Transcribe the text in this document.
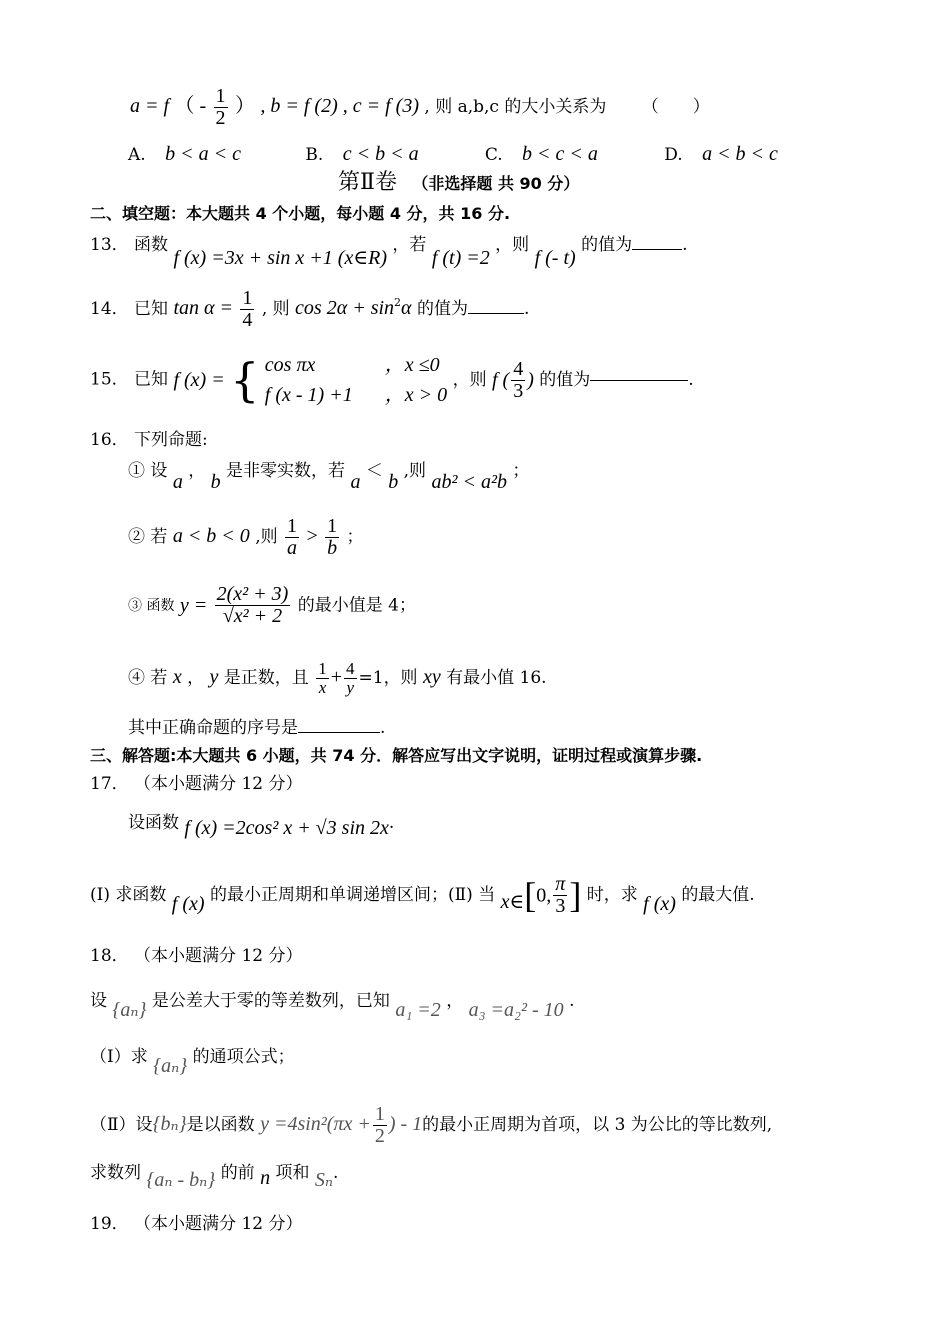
a = f （ - $\frac{1}{2}$ ） , b = f (2) , c = f (3) , 则 a,b,c 的大小关系为 （　　）
A. b < a < c	B. c < b < a	C. b < c < a	D. a < b < c
第Ⅱ卷 （非选择题 共 90 分）
二、填空题：本大题共 4 个小题，每小题 4 分，共 16 分.
13． 函数 f (x) =3x + sin x +1 (x∈R) ，若 f (t) =2 ，则 f (- t) 的值为	.
14． 已知 $\tan \alpha = \frac{1}{4}$ , 则 $\cos 2\alpha + \sin^2\alpha$ 的值为	.
15． 已知 f (x) = { cos πx	，x ≤0
f (x - 1) +1 ，x > 0
，则 f ( $\frac{4}{3}$ ) 的值为	.
16． 下列命题:
① 设 a ， b 是非零实数，若 a ＜ b ,则 ab² < a²b ；
② 若 a < b < 0 ,则 $\frac{1}{a} > \frac{1}{b}$ ；
③ 函数 $y = \frac{\text{2(x² + 3)}}{\text{√x² + 2}}$ 的最小值是 4；
④ 若 x ， y 是正数，且 $\frac{1}{x} + \frac{4}{y} =1$，则 xy 有最小值 16.
其中正确命题的序号是	.
三、解答题:本大题共 6 小题，共 74 分．解答应写出文字说明，证明过程或演算步骤.
17． （本小题满分 12 分）
设函数 f (x) =2cos² x + √3 sin 2x.
(Ⅰ) 求函数 f (x) 的最小正周期和单调递增区间；(Ⅱ) 当 x∈[0, $\frac{\pi}{3}$ ] 时，求 f (x) 的最大值.
18． （本小题满分 12 分）
设 {aₙ} 是公差大于零的等差数列，已知 a₁ =2 ， a₃ =a₂² - 10 .
（Ⅰ）求 {aₙ} 的通项公式；
（Ⅱ）设{bₙ}是以函数 $y =4\sin^2(\pi x + \frac{1}{2}$ ) - 1的最小正周期为首项，以 3 为公比的等比数列,
求数列 {aₙ - bₙ} 的前 n 项和 Sₙ.
19． （本小题满分 12 分）
